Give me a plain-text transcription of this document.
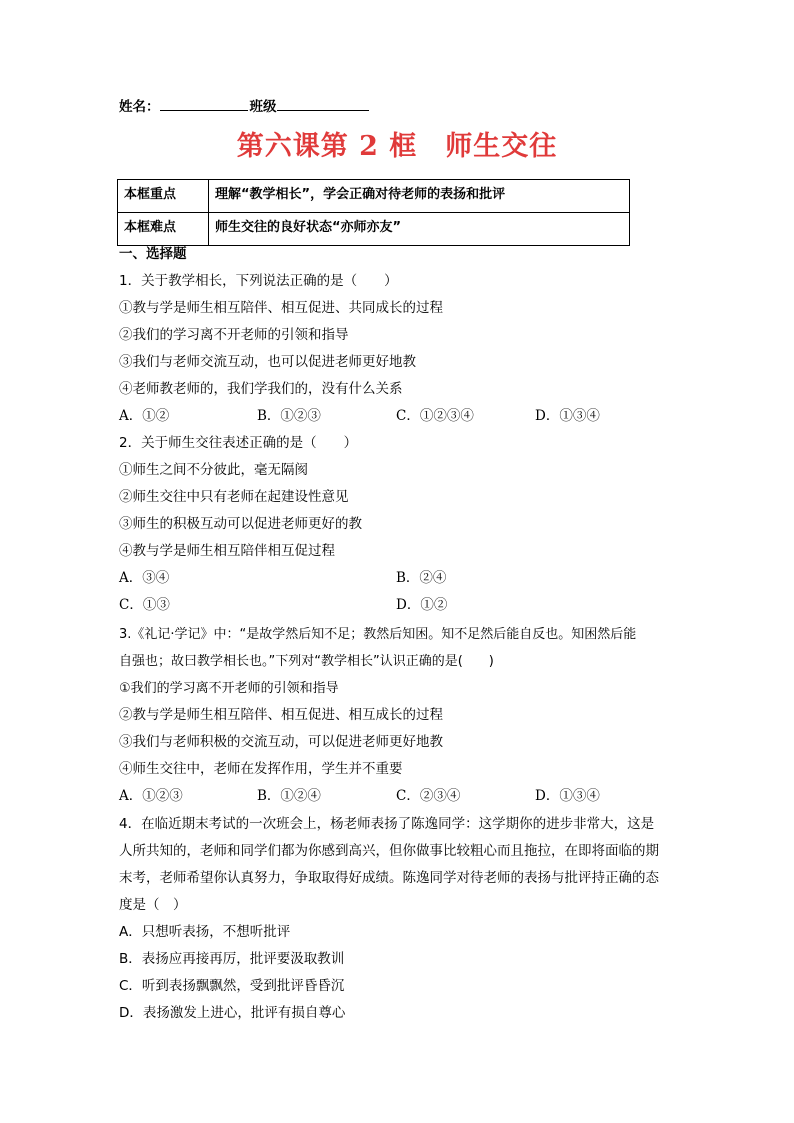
姓名：	班级
第六课第 2 框　师生交往
本框重点	理解“教学相长”，学会正确对待老师的表扬和批评
本框难点	师生交往的良好状态“亦师亦友”
一、选择题
1．关于教学相长，下列说法正确的是（　　）
①教与学是师生相互陪伴、相互促进、共同成长的过程
②我们的学习离不开老师的引领和指导
③我们与老师交流互动，也可以促进老师更好地教
④老师教老师的，我们学我们的，没有什么关系
A．①②	B．①②③	C．①②③④	D．①③④
2．关于师生交往表述正确的是（　　）
①师生之间不分彼此，毫无隔阂
②师生交往中只有老师在起建设性意见
③师生的积极互动可以促进老师更好的教
④教与学是师生相互陪伴相互促过程
A．③④	B．②④
C．①③	D．①②
3.《礼记·学记》中：“是故学然后知不足；教然后知困。知不足然后能自反也。知困然后能
自强也；故曰教学相长也。”下列对“教学相长”认识正确的是(　　)
①我们的学习离不开老师的引领和指导
②教与学是师生相互陪伴、相互促进、相互成长的过程
③我们与老师积极的交流互动，可以促进老师更好地教
④师生交往中，老师在发挥作用，学生并不重要
A．①②③	B．①②④	C．②③④	D．①③④
4．在临近期末考试的一次班会上，杨老师表扬了陈逸同学：这学期你的进步非常大，这是
人所共知的，老师和同学们都为你感到高兴，但你做事比较粗心而且拖拉，在即将面临的期
末考，老师希望你认真努力，争取取得好成绩。陈逸同学对待老师的表扬与批评持正确的态
度是（　）
A．只想听表扬，不想听批评
B．表扬应再接再厉，批评要汲取教训
C．听到表扬飘飘然，受到批评昏昏沉
D．表扬激发上进心，批评有损自尊心
